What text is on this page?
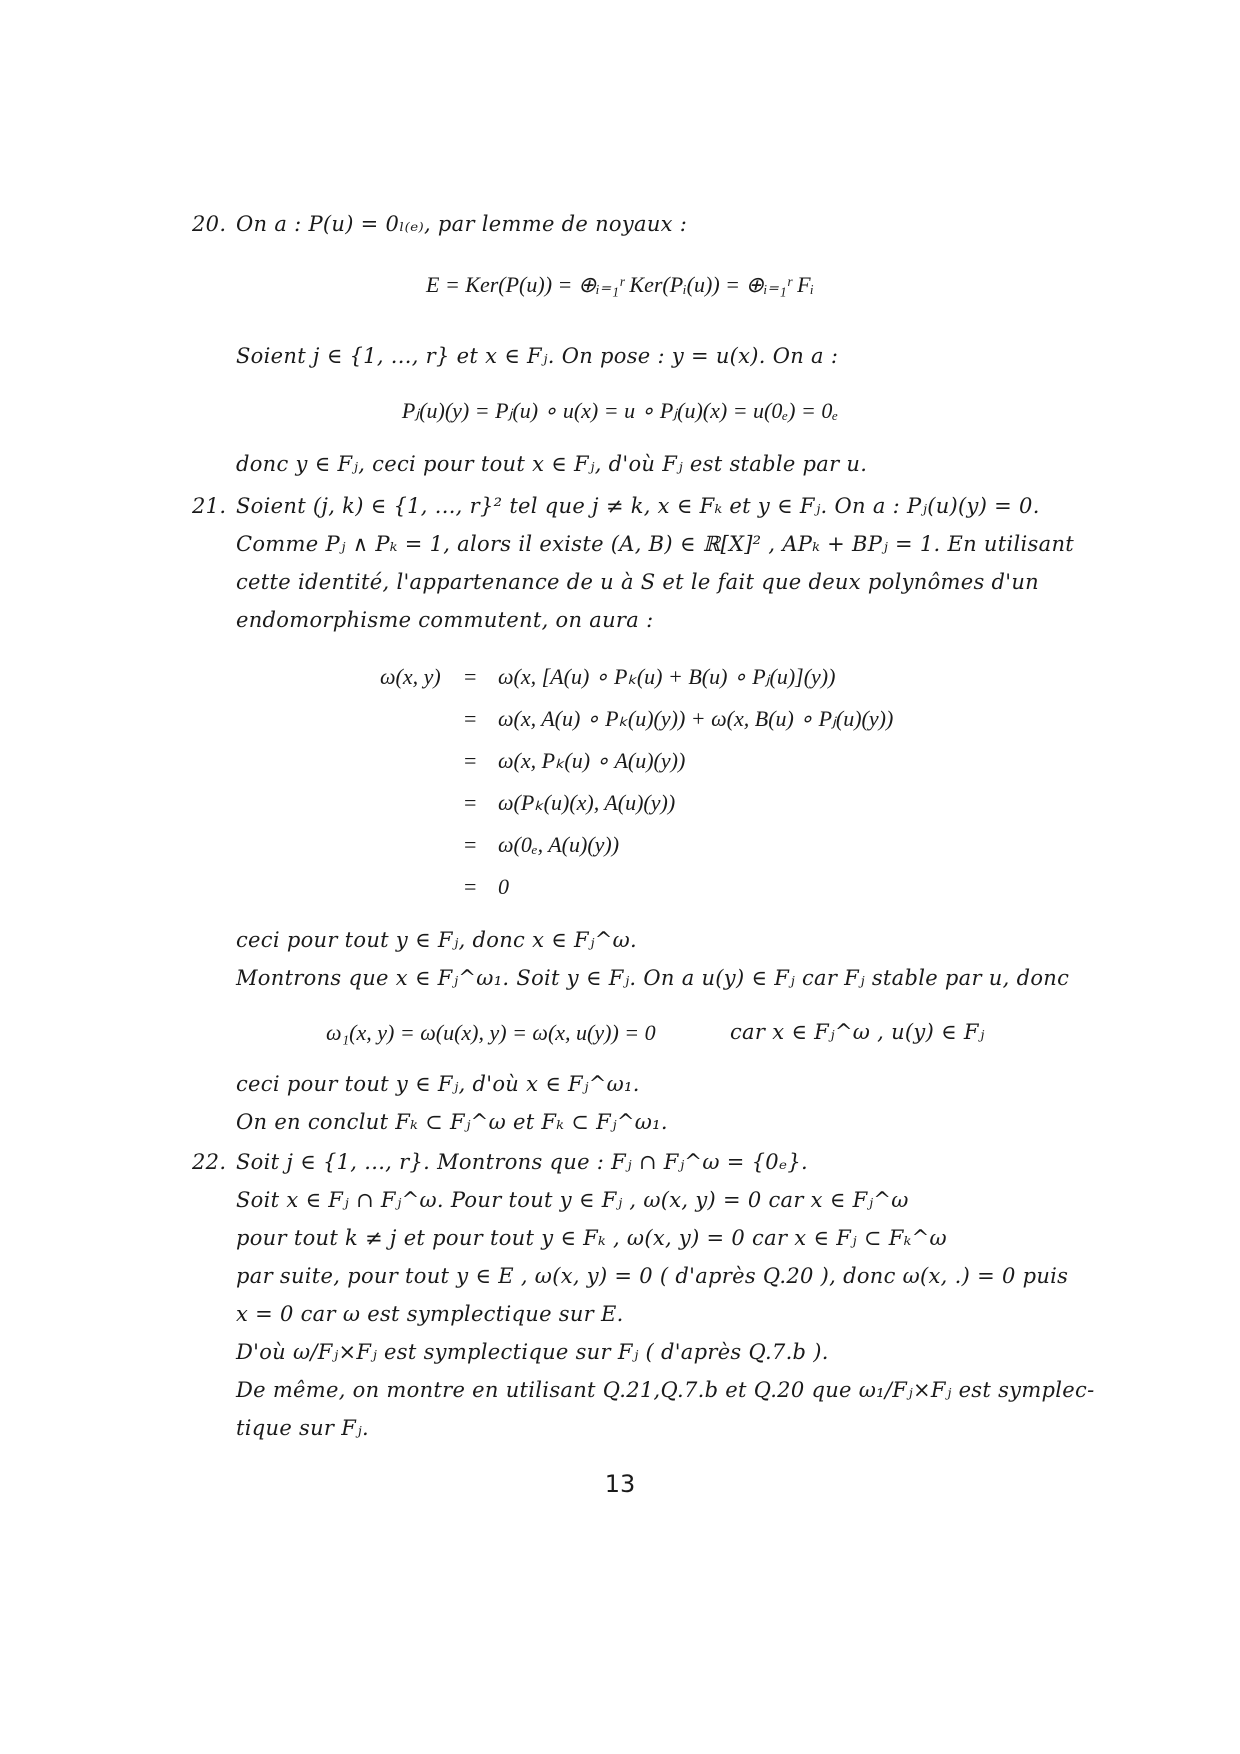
20. On a : P(u) = 0ₗ₍ₑ₎, par lemme de noyaux :
E = Ker(P(u)) = ⊕ᵢ₌₁ʳ Ker(Pᵢ(u)) = ⊕ᵢ₌₁ʳ Fᵢ
Soient j ∈ {1, ..., r} et x ∈ Fⱼ. On pose : y = u(x). On a :
Pⱼ(u)(y) = Pⱼ(u) ∘ u(x) = u ∘ Pⱼ(u)(x) = u(0ₑ) = 0ₑ
donc y ∈ Fⱼ, ceci pour tout x ∈ Fⱼ, d'où Fⱼ est stable par u.
21. Soient (j, k) ∈ {1, ..., r}² tel que j ≠ k, x ∈ Fₖ et y ∈ Fⱼ. On a : Pⱼ(u)(y) = 0.
Comme Pⱼ ∧ Pₖ = 1, alors il existe (A, B) ∈ ℝ[X]² , APₖ + BPⱼ = 1. En utilisant
cette identité, l'appartenance de u à S et le fait que deux polynômes d'un
endomorphisme commutent, on aura :
ω(x, y) = ω(x, [A(u) ∘ Pₖ(u) + B(u) ∘ Pⱼ(u)](y))
= ω(x, A(u) ∘ Pₖ(u)(y)) + ω(x, B(u) ∘ Pⱼ(u)(y))
= ω(x, Pₖ(u) ∘ A(u)(y))
= ω(Pₖ(u)(x), A(u)(y))
= ω(0ₑ, A(u)(y))
= 0
ceci pour tout y ∈ Fⱼ, donc x ∈ Fⱼ^ω.
Montrons que x ∈ Fⱼ^ω₁. Soit y ∈ Fⱼ. On a u(y) ∈ Fⱼ car Fⱼ stable par u, donc
ω₁(x, y) = ω(u(x), y) = ω(x, u(y)) = 0	car x ∈ Fⱼ^ω , u(y) ∈ Fⱼ
ceci pour tout y ∈ Fⱼ, d'où x ∈ Fⱼ^ω₁.
On en conclut Fₖ ⊂ Fⱼ^ω et Fₖ ⊂ Fⱼ^ω₁.
22. Soit j ∈ {1, ..., r}. Montrons que : Fⱼ ∩ Fⱼ^ω = {0ₑ}.
Soit x ∈ Fⱼ ∩ Fⱼ^ω. Pour tout y ∈ Fⱼ , ω(x, y) = 0 car x ∈ Fⱼ^ω
pour tout k ≠ j et pour tout y ∈ Fₖ , ω(x, y) = 0 car x ∈ Fⱼ ⊂ Fₖ^ω
par suite, pour tout y ∈ E , ω(x, y) = 0 ( d'après Q.20 ), donc ω(x, .) = 0 puis
x = 0 car ω est symplectique sur E.
D'où ω/Fⱼ×Fⱼ est symplectique sur Fⱼ ( d'après Q.7.b ).
De même, on montre en utilisant Q.21,Q.7.b et Q.20 que ω₁/Fⱼ×Fⱼ est symplec-
tique sur Fⱼ.
13
